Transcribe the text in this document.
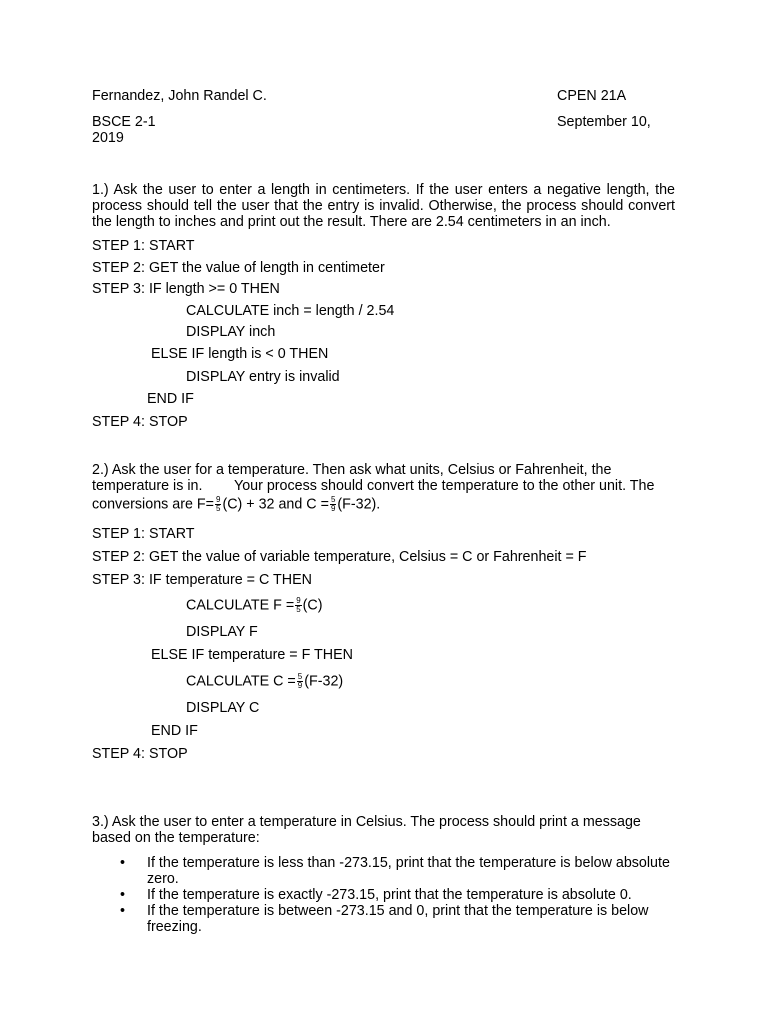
Fernandez, John Randel C.	CPEN 21A
BSCE 2-1	September 10,
2019
1.) Ask the user to enter a length in centimeters. If the user enters a negative length, the process should tell the user that the entry is invalid. Otherwise, the process should convert the length to inches and print out the result. There are 2.54 centimeters in an inch.
STEP 1: START
STEP 2: GET the value of length in centimeter
STEP 3: IF length >= 0 THEN
CALCULATE inch = length / 2.54
DISPLAY inch
ELSE IF length is < 0 THEN
DISPLAY entry is invalid
END IF
STEP 4: STOP
2.) Ask the user for a temperature. Then ask what units, Celsius or Fahrenheit, the
temperature is in.        Your process should convert the temperature to the other unit. The
conversions are $F= \frac{9}{5} (C) + 32$ and $C = \frac{5}{9} (F-32)$.
STEP 1: START
STEP 2: GET the value of variable temperature, Celsius = C or Fahrenheit = F
STEP 3: IF temperature = C THEN
CALCULATE $F = \frac{9}{5} (C)$
DISPLAY F
ELSE IF temperature = F THEN
CALCULATE $C = \frac{5}{9} (F-32)$
DISPLAY C
END IF
STEP 4: STOP
3.) Ask the user to enter a temperature in Celsius. The process should print a message
based on the temperature:
• If the temperature is less than -273.15, print that the temperature is below absolute zero.
• If the temperature is exactly -273.15, print that the temperature is absolute 0.
• If the temperature is between -273.15 and 0, print that the temperature is below freezing.
